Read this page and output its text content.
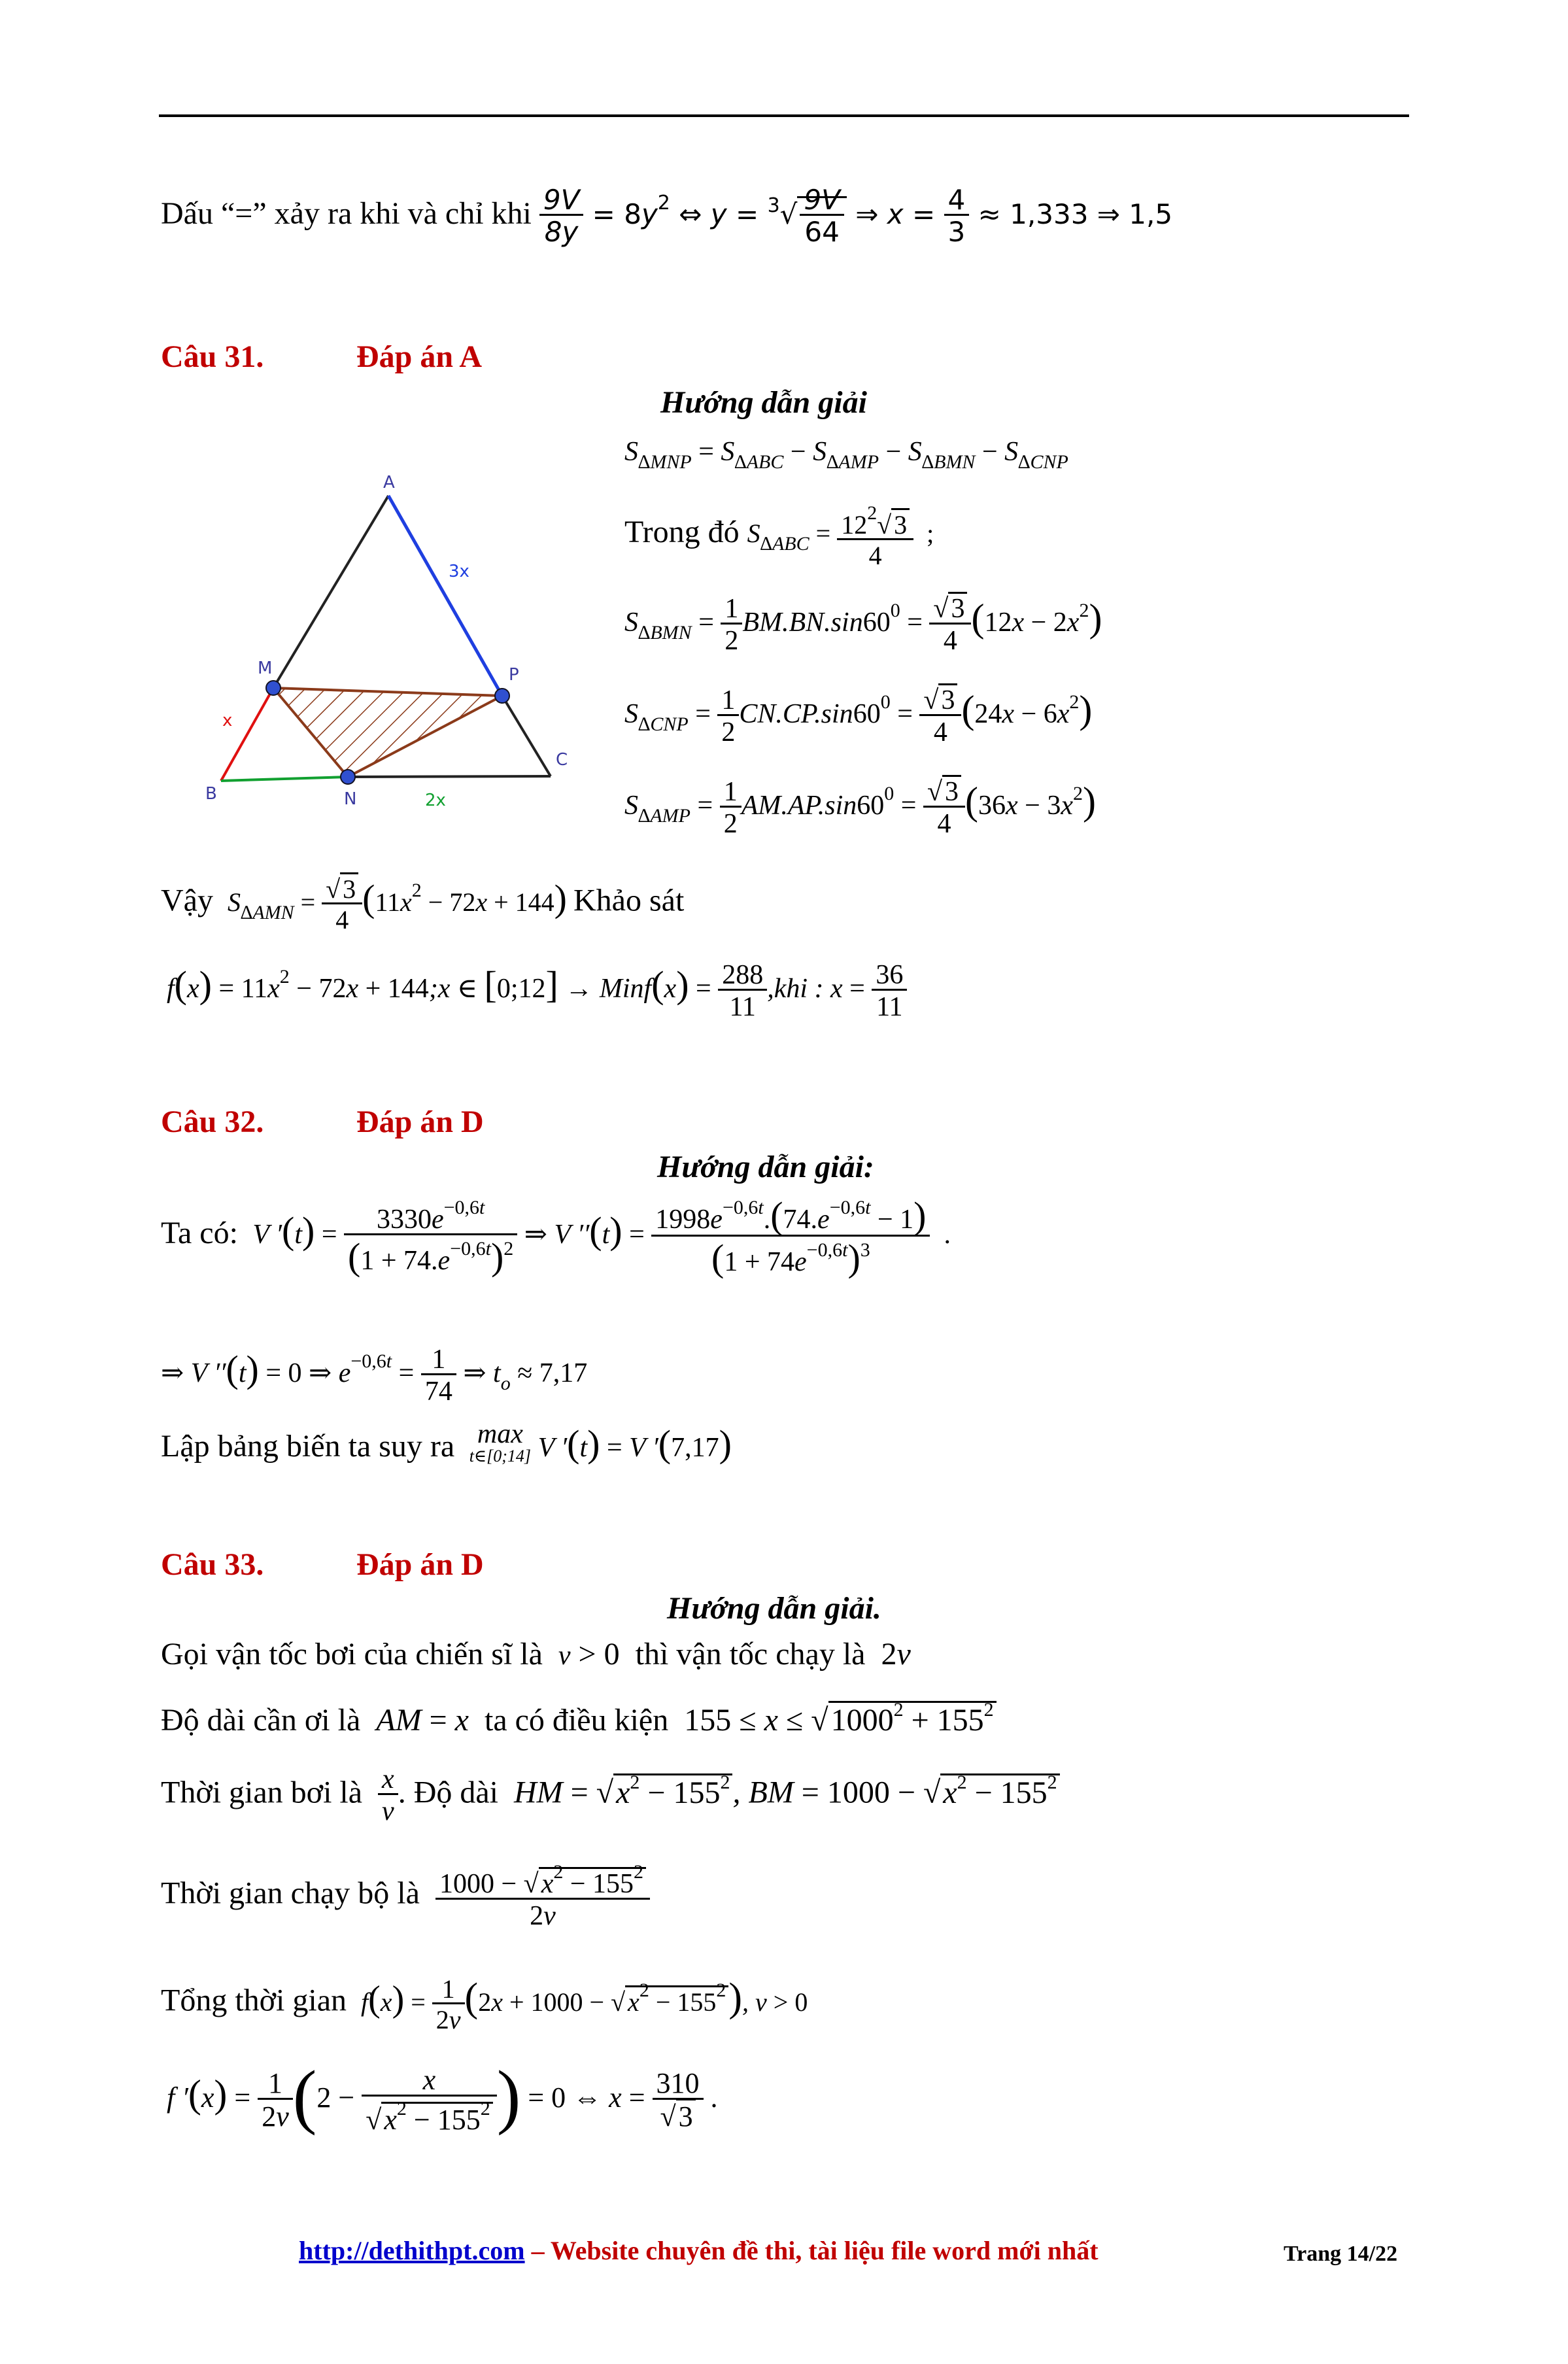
Dấu “=” xảy ra khi và chỉ khi $\frac{9V}{8y} = 8y^2$ ⇔ $y = ^3√ \frac{9V}{64}$ ⇒ $x = \frac{4}{3} \approx 1,333$ ⇒ 1,5
Câu 31.	Đáp án A
Hướng dẫn giải
$S_{\Delta MNP} = S_{\Delta ABC} - S_{\Delta AMP} - S_{\Delta BMN} - S_{\Delta CNP}$
Trong đó $S_{\Delta ABC} = \frac{12^2√ 3}{4}$ ;
$S_{\Delta BMN} = \frac{1}{2} BM.BN.\sin 60^0 = \frac{√3}{4} (12x - 2x^2)$
$S_{\Delta CNP} = \frac{1}{2} CN.CP.\sin 60^0 = \frac{√3}{4} (24x - 6x^2)$
$S_{\Delta AMP} = \frac{1}{2} AM.AP.\sin 60^0 = \frac{√3}{4} (36x - 3x^2)$
A
B
C
M
N
P
3x
x
2x
Vậy $S_{\Delta AMN} = \frac{√ 3}{4} (11x^2 - 72x + 144)$ Khảo sát
$f(x) = 11x^2 - 72x$ + 144;x ∈ [0;12] → Minf(x) = $\frac{288}{11} ,khi$ : $x = \frac{36}{11}$
Câu 32.	Đáp án D
Hướng dẫn giải:
Ta có: V $'(t) = \frac{3330e^{-0,6t}}{(1 + 74.e^{-0,6t})^2}$ ⇒ V $''(t) = \frac{1998e^{-0,6t}.(74.e^{-0,6t} - 1)}{(1 + 74e^{-0,6t})^3}$ .
⇒ V ′′(t) = 0 ⇒ $e^{-0,6t} = \frac{1}{74}$ ⇒ $t_o \approx 7,17$
Lập bảng biến ta suy ra max
t∈[0;14] V ′(t) = V ′(7,17)
Câu 33.	Đáp án D
Hướng dẫn giải.
Gọi vận tốc bơi của chiến sĩ là v > 0  thì vận tốc chạy là  2v
Độ dài cần ơi là AM = x ta có điều kiện  $155 \le x \le √1000^2 + 155^2$
Thời gian bơi là $\frac{x}{v}$ . Độ dài HM = $√x^2 - 155^2$, BM = $1000 - √x^2 - 155^2$
Thời gian chạy bộ là $\frac{1000 - √x^2 - 155^2}{2v}$
Tổng thời gian $f(x) = \frac{1}{2v} (2x + 1000$ − √ $x^2 - 155^2$), v > 0
f $'(x) = \frac{1}{2v} (2 - \frac{x}{√x^2 - 155^2}$ ) = 0 ⇔ $x = \frac{310}{√3}$ .
http://dethithpt.com – Website chuyên đề thi, tài liệu file word mới nhất	Trang 14/22
